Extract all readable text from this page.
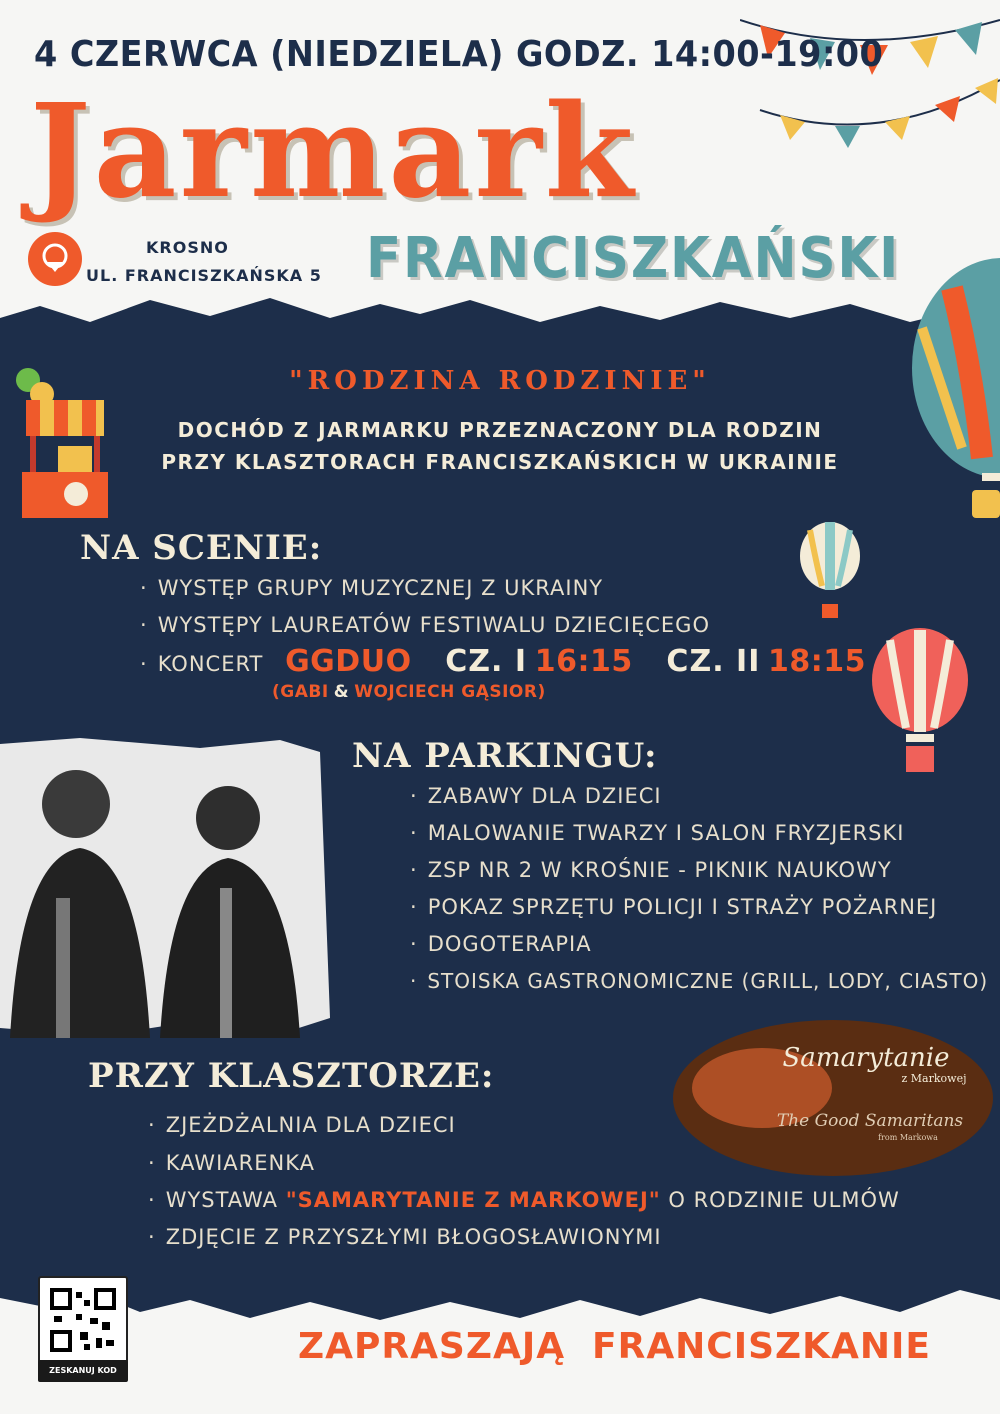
4 CZERWCA (NIEDZIELA) GODZ. 14:00-19:00
Jarmark
FRANCISZKAŃSKI
KROSNO
UL. FRANCISZKAŃSKA 5
"RODZINA RODZINIE"
DOCHÓD Z JARMARKU PRZEZNACZONY DLA RODZIN
PRZY KLASZTORACH FRANCISZKAŃSKICH W UKRAINIE
NA SCENIE:
· WYSTĘP GRUPY MUZYCZNEJ Z UKRAINY
· WYSTĘPY LAUREATÓW FESTIWALU DZIECIĘCEGO
· KONCERT GGDUO CZ. I 16:15 CZ. II 18:15
(GABI & WOJCIECH GĄSIOR)
NA PARKINGU:
· ZABAWY DLA DZIECI
· MALOWANIE TWARZY I SALON FRYZJERSKI
· ZSP NR 2 W KROŚNIE - PIKNIK NAUKOWY
· POKAZ SPRZĘTU POLICJI I STRAŻY POŻARNEJ
· DOGOTERAPIA
· STOISKA GASTRONOMICZNE (GRILL, LODY, CIASTO)
Samarytanie
z Markowej
The Good Samaritans
from Markowa
PRZY KLASZTORZE:
· ZJEŻDŻALNIA DLA DZIECI
· KAWIARENKA
· WYSTAWA "SAMARYTANIE Z MARKOWEJ" O RODZINIE ULMÓW
· ZDJĘCIE Z PRZYSZŁYMI BŁOGOSŁAWIONYMI
ZESKANUJ KOD
ZAPRASZAJĄ FRANCISZKANIE
